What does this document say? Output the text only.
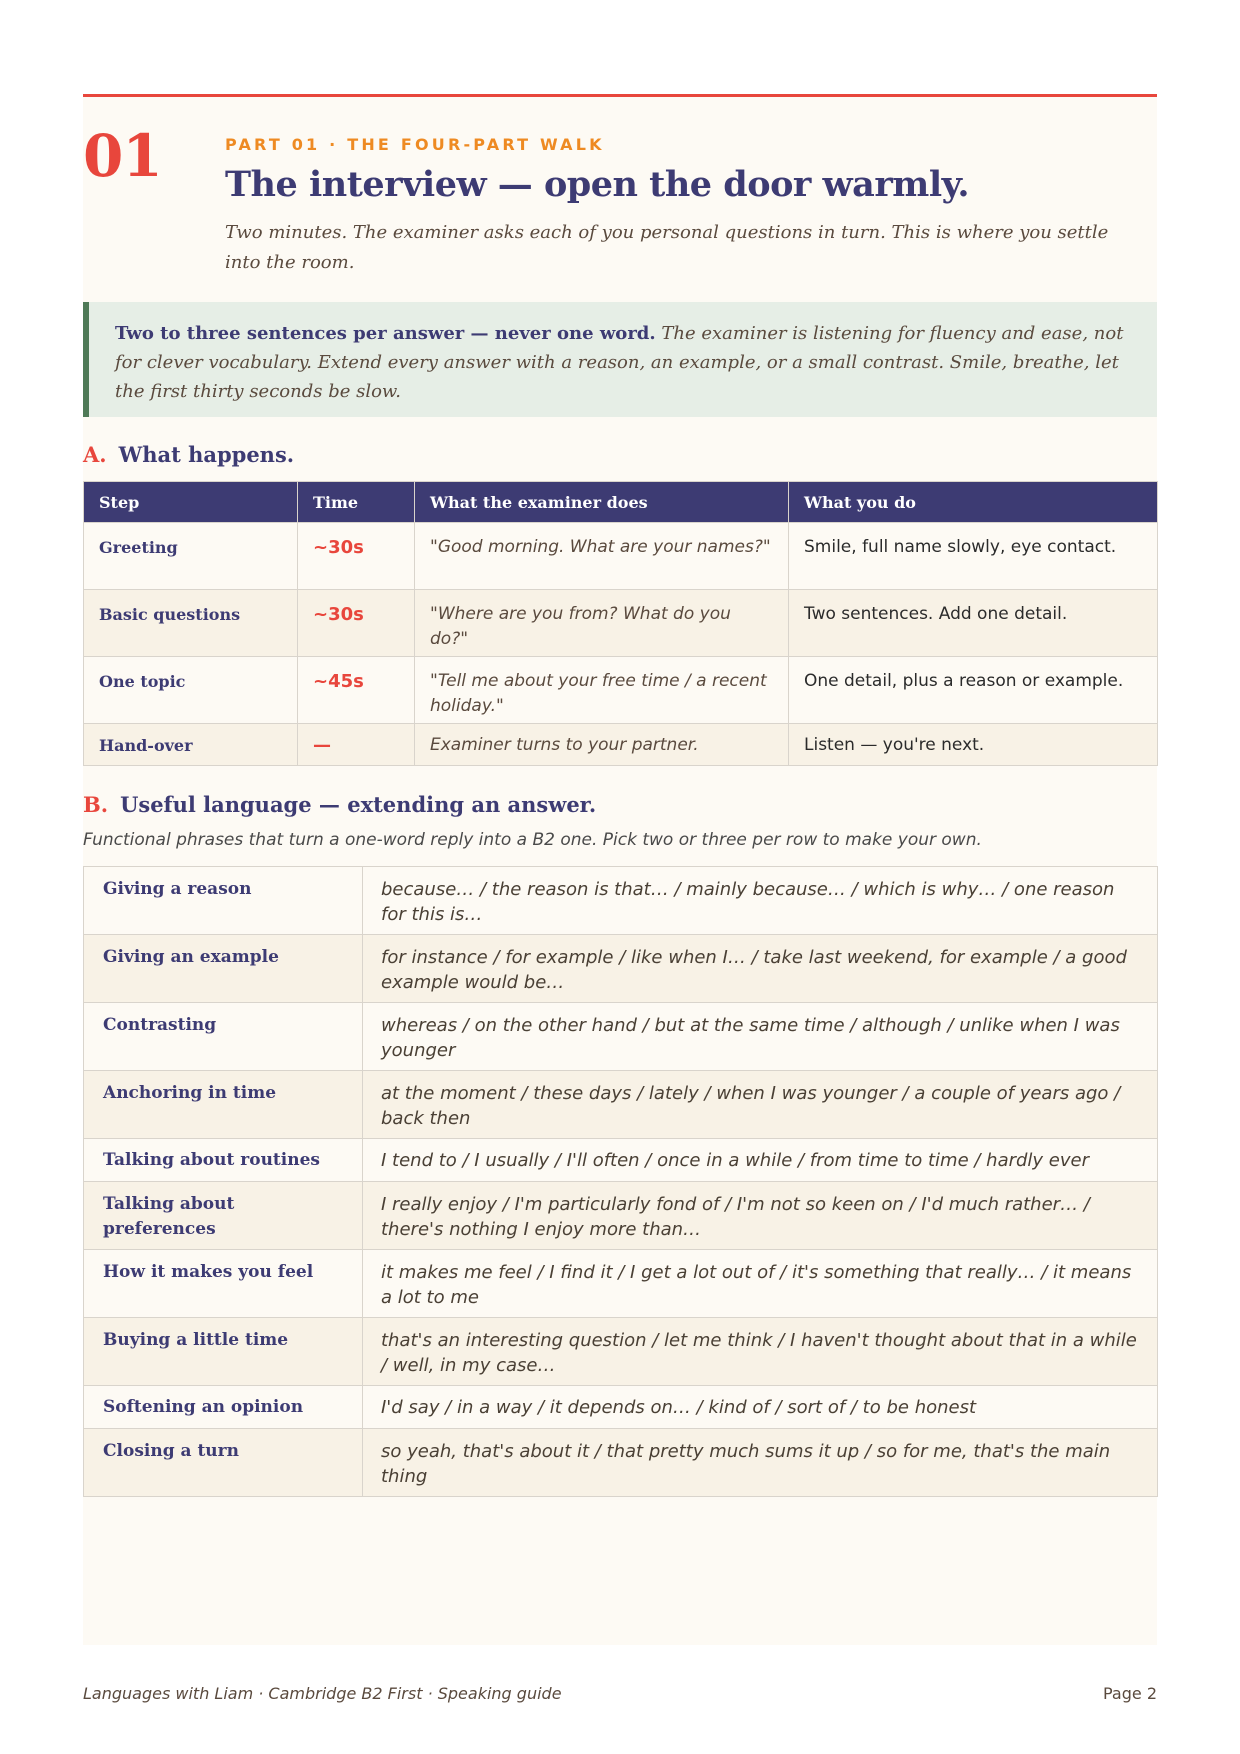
01	PART 01 · THE FOUR-PART WALK
The interview — open the door warmly.
Two minutes. The examiner asks each of you personal questions in turn. This is where you settle into the room.
Two to three sentences per answer — never one word. The examiner is listening for fluency and ease, not for clever vocabulary. Extend every answer with a reason, an example, or a small contrast. Smile, breathe, let the first thirty seconds be slow.
A. What happens.
Step	Time	What the examiner does	What you do
Greeting	~30s	"Good morning. What are your names?"	Smile, full name slowly, eye contact.
Basic questions	~30s	"Where are you from? What do you do?"	Two sentences. Add one detail.
One topic	~45s	"Tell me about your free time / a recent holiday."	One detail, plus a reason or example.
Hand-over	—	Examiner turns to your partner.	Listen — you're next.
B. Useful language — extending an answer.
Functional phrases that turn a one-word reply into a B2 one. Pick two or three per row to make your own.
Giving a reason	because… / the reason is that… / mainly because… / which is why… / one reason for this is…
Giving an example	for instance / for example / like when I… / take last weekend, for example / a good example would be…
Contrasting	whereas / on the other hand / but at the same time / although / unlike when I was younger
Anchoring in time	at the moment / these days / lately / when I was younger / a couple of years ago / back then
Talking about routines	I tend to / I usually / I'll often / once in a while / from time to time / hardly ever
Talking about preferences	I really enjoy / I'm particularly fond of / I'm not so keen on / I'd much rather… / there's nothing I enjoy more than…
How it makes you feel	it makes me feel / I find it / I get a lot out of / it's something that really… / it means a lot to me
Buying a little time	that's an interesting question / let me think / I haven't thought about that in a while / well, in my case…
Softening an opinion	I'd say / in a way / it depends on… / kind of / sort of / to be honest
Closing a turn	so yeah, that's about it / that pretty much sums it up / so for me, that's the main thing
Languages with Liam · Cambridge B2 First · Speaking guide	Page 2
